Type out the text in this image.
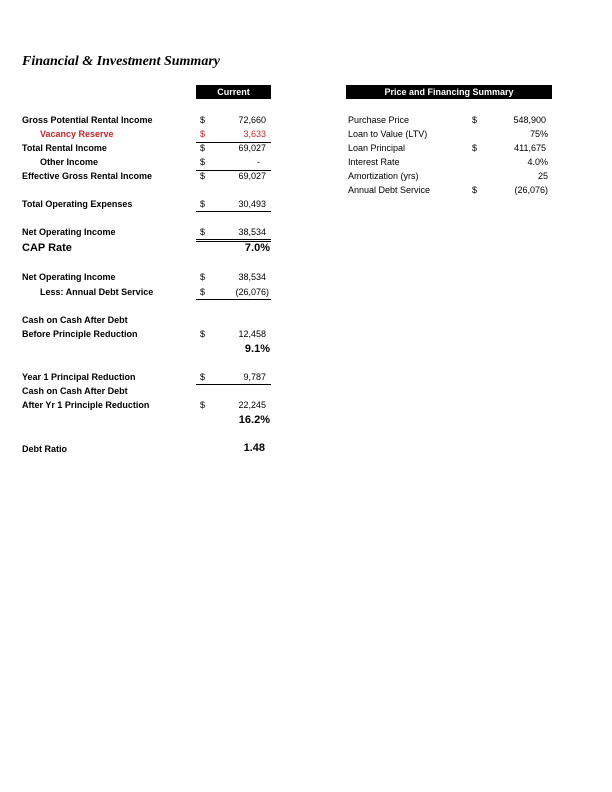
Financial & Investment Summary
Current	Price and Financing Summary
Gross Potential Rental Income	$	72,660
Vacancy Reserve	$	3,633
Total Rental Income	$	69,027
Other Income	$	-
Effective Gross Rental Income	$	69,027
Total Operating Expenses	$	30,493
Net Operating Income	$	38,534
CAP Rate	7.0%
Net Operating Income	$	38,534
Less: Annual Debt Service	$	(26,076)
Cash on Cash After Debt
Before Principle Reduction	$	12,458
9.1%
Year 1 Principal Reduction	$	9,787
Cash on Cash After Debt
After Yr 1 Principle Reduction	$	22,245
16.2%
Debt Ratio	1.48
Purchase Price	$	548,900
Loan to Value (LTV)	75%
Loan Principal	$	411,675
Interest Rate	4.0%
Amortization (yrs)	25
Annual Debt Service	$	(26,076)
